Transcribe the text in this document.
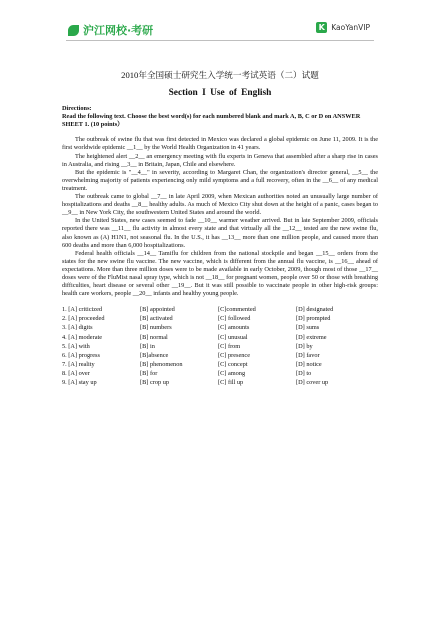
沪江网校·考研	K KaoYanVIP
2010年全国硕士研究生入学统一考试英语（二）试题
Section I Use of English

Directions:

Read the following text. Choose the best word(s) for each numbered blank and mark A, B, C or D on ANSWER SHEET 1. (10 points）

The outbreak of swine flu that was first detected in Mexico was declared a global epidemic on June 11, 2009. It is the first worldwide epidemic __1__ by the World Health Organization in 41 years.

The heightened alert __2__ an emergency meeting with flu experts in Geneva that assembled after a sharp rise in cases in Australia, and rising __3__ in Britain, Japan, Chile and elsewhere.

But the epidemic is "__4__" in severity, according to Margaret Chan, the organization's director general, __5__ the overwhelming majority of patients experiencing only mild symptoms and a full recovery, often in the __6__ of any medical treatment.

The outbreak came to global __7__ in late April 2009, when Mexican authorities noted an unusually large number of hospitalizations and deaths __8__ healthy adults. As much of Mexico City shut down at the height of a panic, cases began to __9__ in New York City, the southwestern United States and around the world.

In the United States, new cases seemed to fade __10__ warmer weather arrived. But in late September 2009, officials reported there was __11__ flu activity in almost every state and that virtually all the __12__ tested are the new swine flu, also known as (A) H1N1, not seasonal flu. In the U.S., it has __13__ more than one million people, and caused more than 600 deaths and more than 6,000 hospitalizations.

Federal health officials __14__ Tamiflu for children from the national stockpile and began __15__ orders from the states for the new swine flu vaccine. The new vaccine, which is different from the annual flu vaccine, is __16__ ahead of expectations. More than three million doses were to be made available in early October, 2009, though most of those __17__ doses were of the FluMist nasal spray type, which is not __18__ for pregnant women, people over 50 or those with breathing difficulties, heart disease or several other __19__. But it was still possible to vaccinate people in other high-risk groups: health care workers, people __20__ infants and healthy young people.

1. [A] criticized	[B] appointed	[C]commented	[D] designated
2. [A] proceeded	[B] activated	[C] followed	[D] prompted
3. [A] digits	[B] numbers	[C] amounts	[D] sums
4. [A] moderate	[B] normal	[C] unusual	[D] extreme
5. [A] with	[B] in	[C] from	[D] by
6. [A] progress	[B]absence	[C] presence	[D] favor
7. [A] reality	[B] phenomenon	[C] concept	[D] notice
8. [A] over	[B] for	[C] among	[D] to
9. [A] stay up	[B] crop up	[C] fill up	[D] cover up
